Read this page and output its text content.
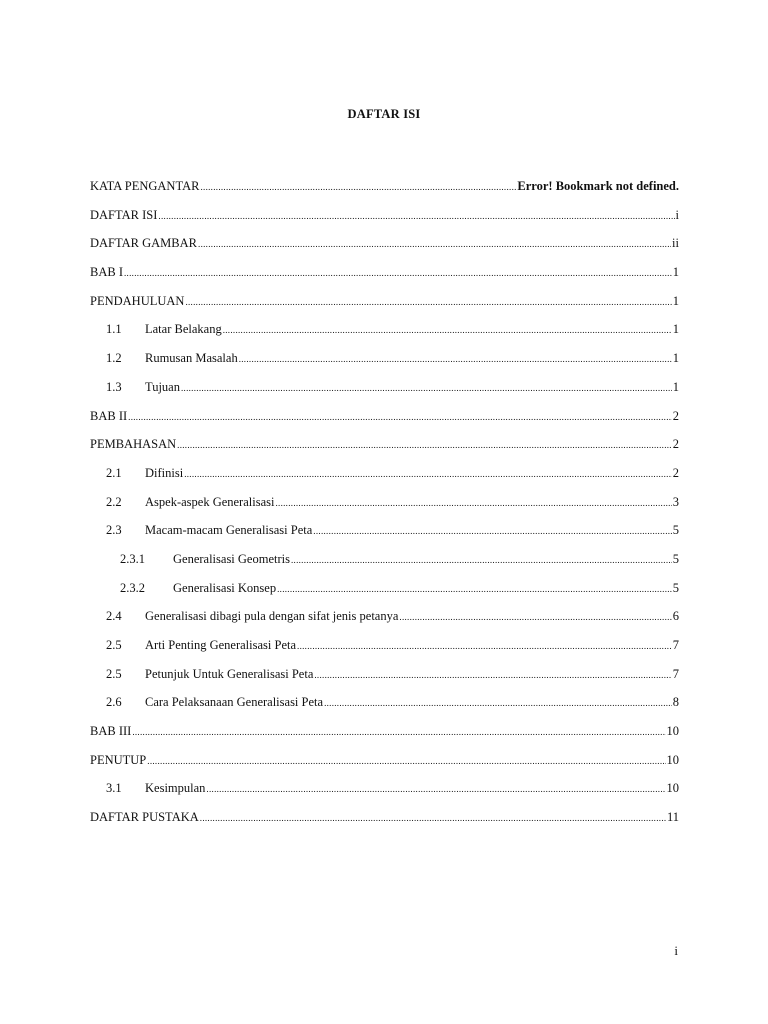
DAFTAR ISI
KATA PENGANTAR .....	Error! Bookmark not defined.
DAFTAR ISI .....	i
DAFTAR GAMBAR .....	ii
BAB I .....	1
PENDAHULUAN .....	1
1.1	Latar Belakang .....	1
1.2	Rumusan Masalah .....	1
1.3	Tujuan .....	1
BAB II .....	2
PEMBAHASAN .....	2
2.1	Difinisi .....	2
2.2	Aspek-aspek Generalisasi .....	3
2.3	Macam-macam Generalisasi Peta .....	5
2.3.1	Generalisasi Geometris .....	5
2.3.2	Generalisasi Konsep .....	5
2.4	Generalisasi dibagi pula dengan sifat jenis petanya .....	6
2.5	Arti Penting Generalisasi Peta .....	7
2.5	Petunjuk Untuk Generalisasi Peta .....	7
2.6	Cara Pelaksanaan Generalisasi Peta .....	8
BAB III .....	10
PENUTUP .....	10
3.1	Kesimpulan .....	10
DAFTAR PUSTAKA .....	11
i
